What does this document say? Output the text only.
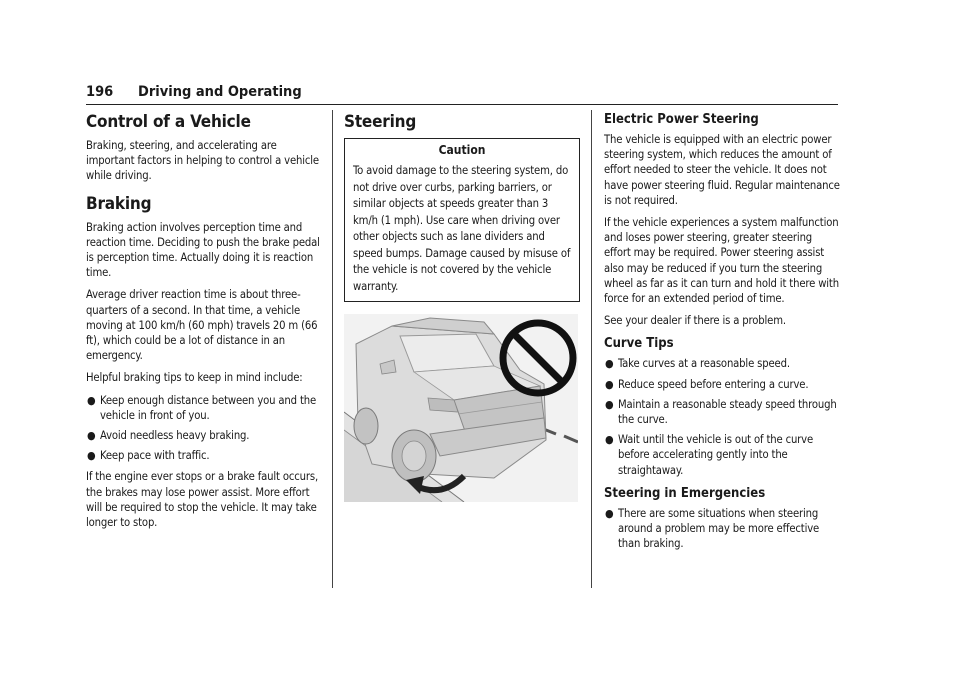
196 Driving and Operating
Control of a Vehicle

Braking, steering, and accelerating are important factors in helping to control a vehicle while driving.

Braking

Braking action involves perception time and reaction time. Deciding to push the brake pedal is perception time. Actually doing it is reaction time.

Average driver reaction time is about three-quarters of a second. In that time, a vehicle moving at 100 km/h (60 mph) travels 20 m (66 ft), which could be a lot of distance in an emergency.

Helpful braking tips to keep in mind include:

● Keep enough distance between you and the vehicle in front of you.
● Avoid needless heavy braking.
● Keep pace with traffic.

If the engine ever stops or a brake fault occurs, the brakes may lose power assist. More effort will be required to stop the vehicle. It may take longer to stop.

Steering
Caution

To avoid damage to the steering system, do not drive over curbs, parking barriers, or similar objects at speeds greater than 3 km/h (1 mph). Use care when driving over other objects such as lane dividers and speed bumps. Damage caused by misuse of the vehicle is not covered by the vehicle warranty.

Electric Power Steering

The vehicle is equipped with an electric power steering system, which reduces the amount of effort needed to steer the vehicle. It does not have power steering fluid. Regular maintenance is not required.

If the vehicle experiences a system malfunction and loses power steering, greater steering effort may be required. Power steering assist also may be reduced if you turn the steering wheel as far as it can turn and hold it there with force for an extended period of time.

See your dealer if there is a problem.

Curve Tips
● Take curves at a reasonable speed.
● Reduce speed before entering a curve.
● Maintain a reasonable steady speed through the curve.
● Wait until the vehicle is out of the curve before accelerating gently into the straightaway.
Steering in Emergencies
● There are some situations when steering around a problem may be more effective than braking.
